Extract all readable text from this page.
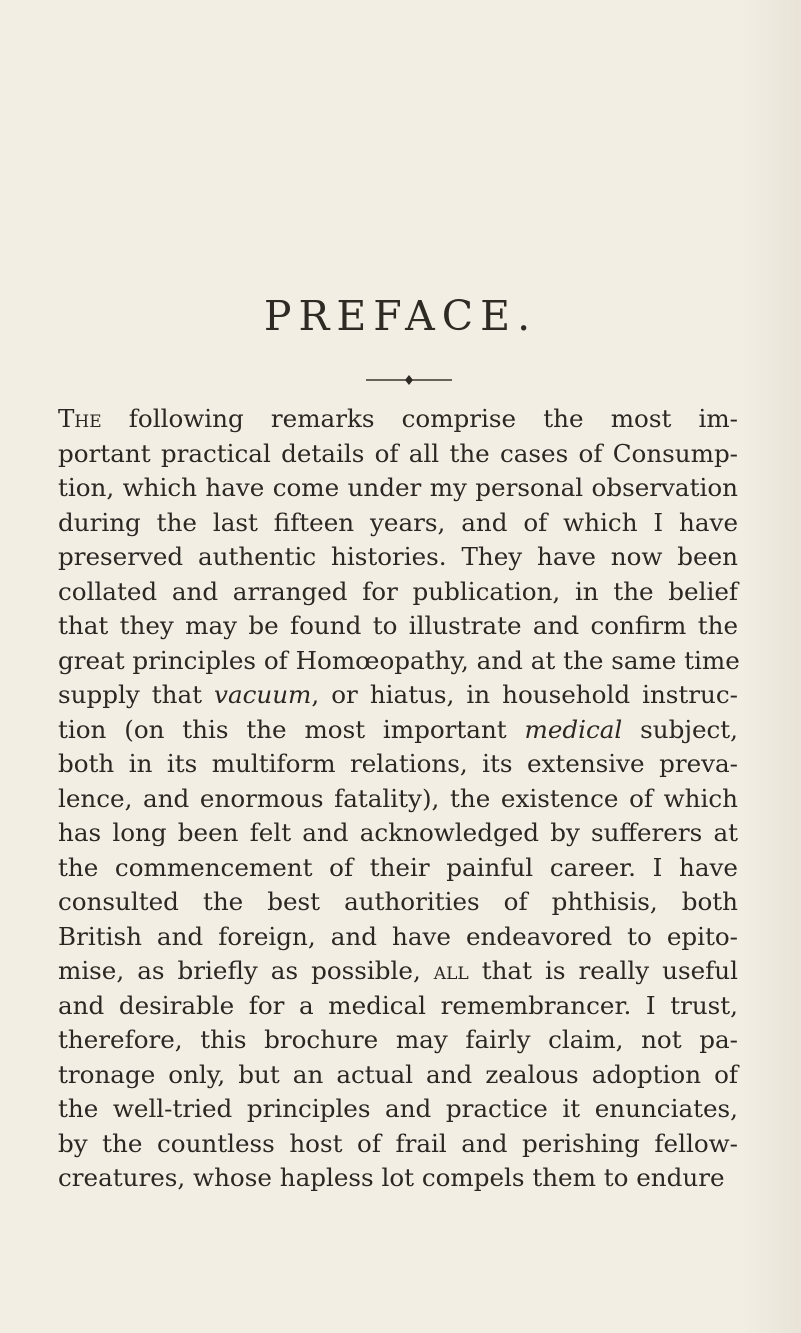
PREFACE.
The following remarks comprise the most im-
portant practical details of all the cases of Consump-
tion, which have come under my personal observation
during the last fifteen years, and of which I have
preserved authentic histories. They have now been
collated and arranged for publication, in the belief
that they may be found to illustrate and confirm the
great principles of Homœopathy, and at the same time
supply that vacuum, or hiatus, in household instruc-
tion (on this the most important medical subject,
both in its multiform relations, its extensive preva-
lence, and enormous fatality), the existence of which
has long been felt and acknowledged by sufferers at
the commencement of their painful career. I have
consulted the best authorities of phthisis, both
British and foreign, and have endeavored to epito-
mise, as briefly as possible, all that is really useful
and desirable for a medical remembrancer. I trust,
therefore, this brochure may fairly claim, not pa-
tronage only, but an actual and zealous adoption of
the well-tried principles and practice it enunciates,
by the countless host of frail and perishing fellow-
creatures, whose hapless lot compels them to endure
